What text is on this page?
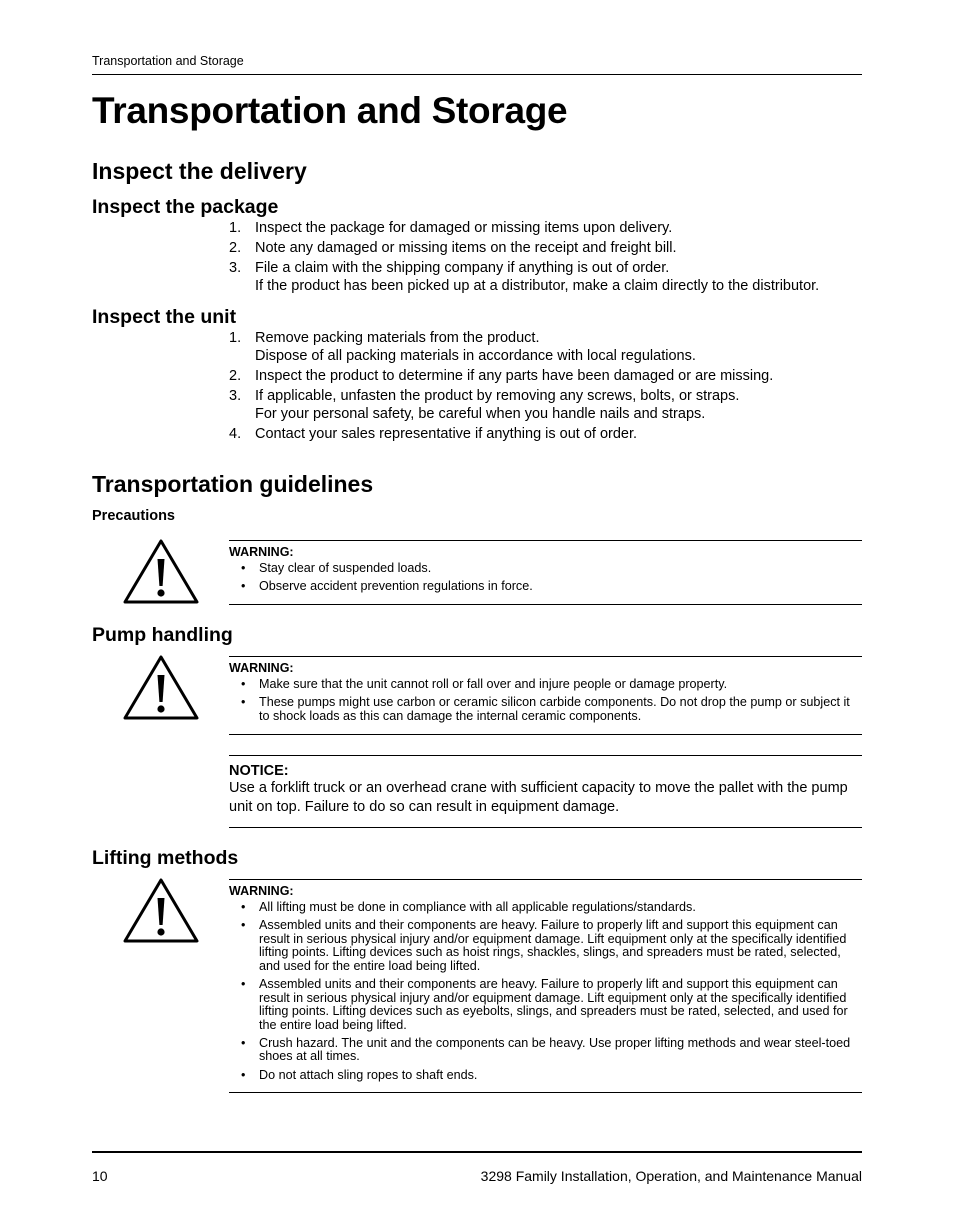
Transportation and Storage
Transportation and Storage
Inspect the delivery
Inspect the package
1. Inspect the package for damaged or missing items upon delivery.
2. Note any damaged or missing items on the receipt and freight bill.
3. File a claim with the shipping company if anything is out of order.
If the product has been picked up at a distributor, make a claim directly to the distributor.
Inspect the unit
1. Remove packing materials from the product.
Dispose of all packing materials in accordance with local regulations.
2. Inspect the product to determine if any parts have been damaged or are missing.
3. If applicable, unfasten the product by removing any screws, bolts, or straps.
For your personal safety, be careful when you handle nails and straps.
4. Contact your sales representative if anything is out of order.
Transportation guidelines
Precautions
WARNING:
• Stay clear of suspended loads.
• Observe accident prevention regulations in force.
Pump handling
WARNING:
• Make sure that the unit cannot roll or fall over and injure people or damage property.
• These pumps might use carbon or ceramic silicon carbide components. Do not drop the pump or subject it to shock loads as this can damage the internal ceramic components.
NOTICE:
Use a forklift truck or an overhead crane with sufficient capacity to move the pallet with the pump unit on top. Failure to do so can result in equipment damage.
Lifting methods
WARNING:
• All lifting must be done in compliance with all applicable regulations/standards.
• Assembled units and their components are heavy. Failure to properly lift and support this equipment can result in serious physical injury and/or equipment damage. Lift equipment only at the specifically identified lifting points. Lifting devices such as hoist rings, shackles, slings, and spreaders must be rated, selected, and used for the entire load being lifted.
• Assembled units and their components are heavy. Failure to properly lift and support this equipment can result in serious physical injury and/or equipment damage. Lift equipment only at the specifically identified lifting points. Lifting devices such as eyebolts, slings, and spreaders must be rated, selected, and used for the entire load being lifted.
• Crush hazard. The unit and the components can be heavy. Use proper lifting methods and wear steel-toed shoes at all times.
• Do not attach sling ropes to shaft ends.
10	3298 Family Installation, Operation, and Maintenance Manual
